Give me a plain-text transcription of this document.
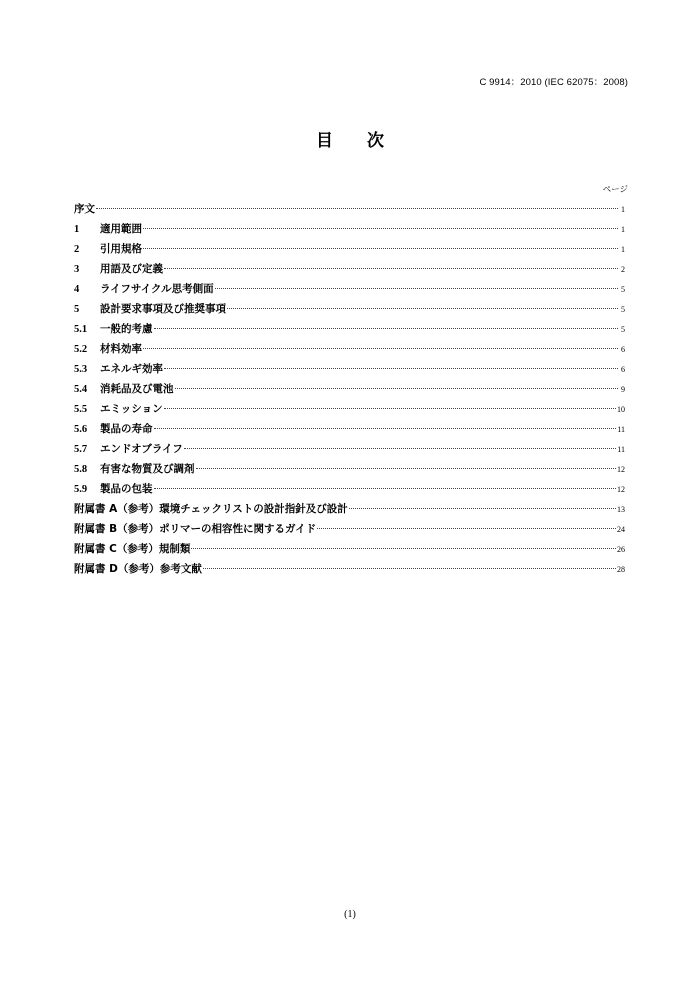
C 9914：2010 (IEC 62075：2008)
目 次
ページ
序文	1
1	適用範囲	1
2	引用規格	1
3	用語及び定義	2
4	ライフサイクル思考側面	5
5	設計要求事項及び推奨事項	5
5.1	一般的考慮	5
5.2	材料効率	6
5.3	エネルギ効率	6
5.4	消耗品及び電池	9
5.5	エミッション	10
5.6	製品の寿命	11
5.7	エンドオブライフ	11
5.8	有害な物質及び調剤	12
5.9	製品の包装	12
附属書 A（参考）環境チェックリストの設計指針及び設計	13
附属書 B（参考）ポリマーの相容性に関するガイド	24
附属書 C（参考）規制類	26
附属書 D（参考）参考文献	28
(1)
